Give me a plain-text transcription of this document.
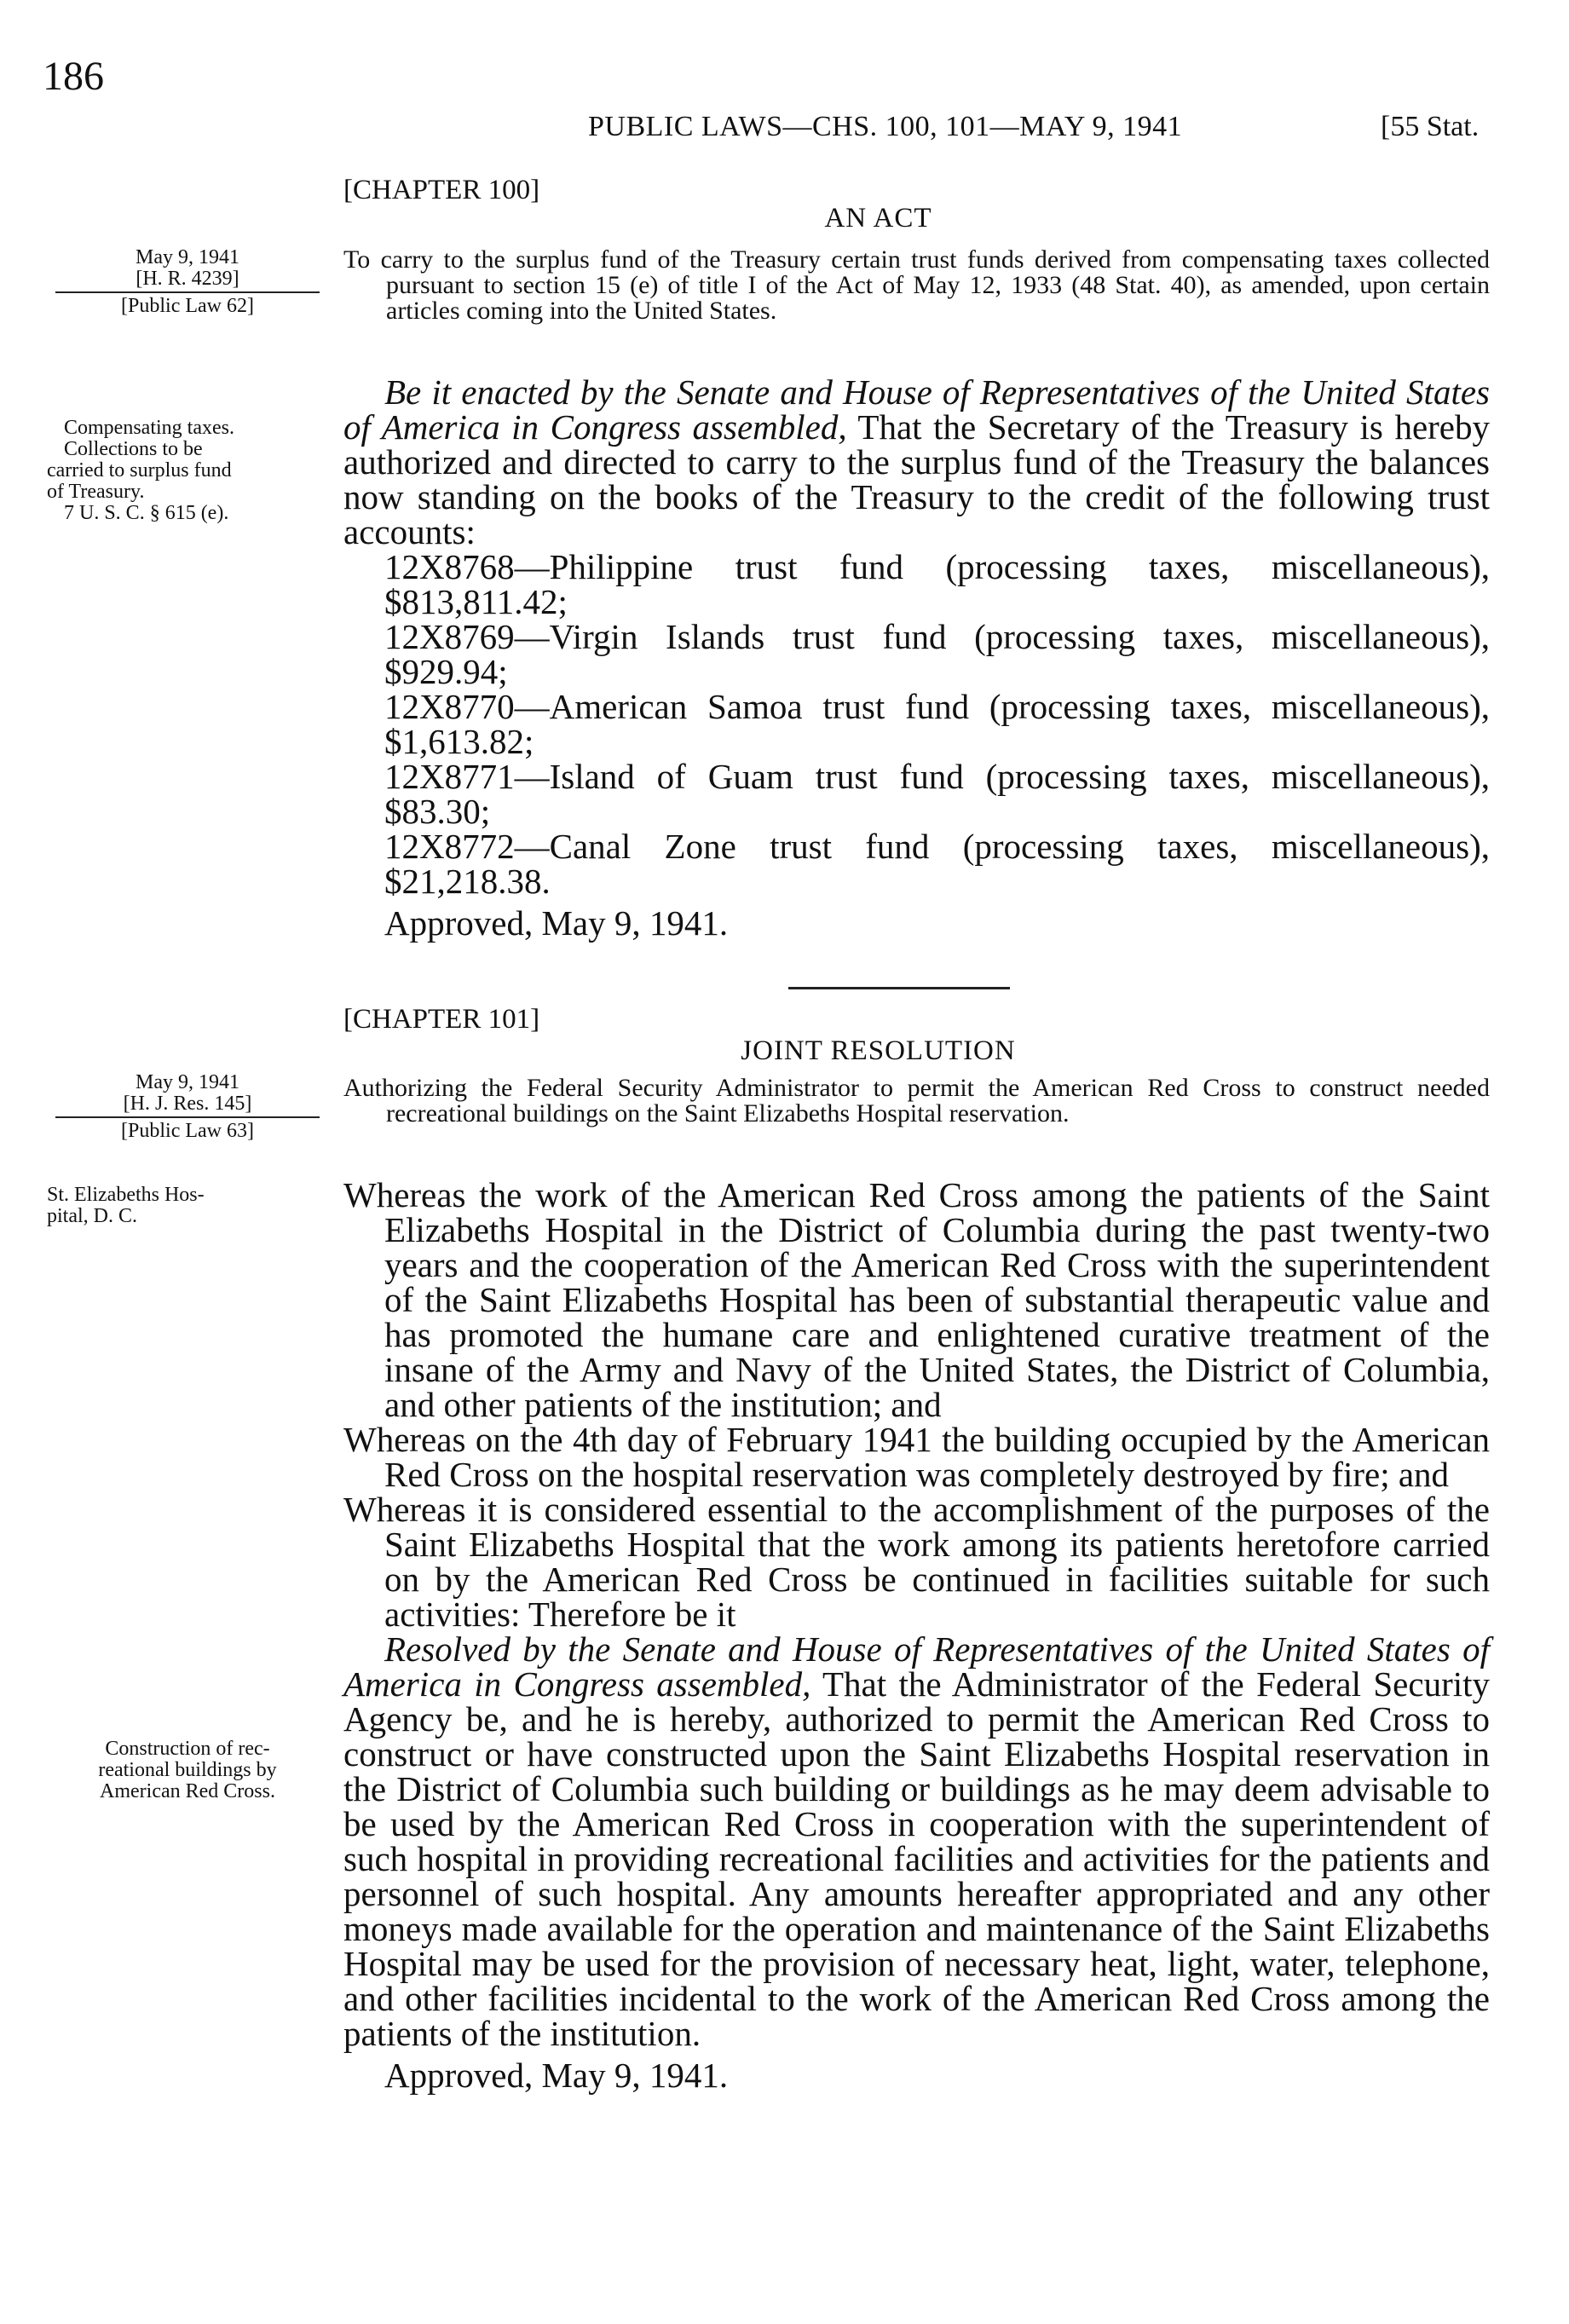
186
PUBLIC LAWS—CHS. 100, 101—MAY 9, 1941	[55 Stat.
[CHAPTER 100]
AN ACT
May 9, 1941
[H. R. 4239]
[Public Law 62]
To carry to the surplus fund of the Treasury certain trust funds derived from compensating taxes collected pursuant to section 15 (e) of title I of the Act of May 12, 1933 (48 Stat. 40), as amended, upon certain articles coming into the United States.
Compensating taxes.
Collections to be
carried to surplus fund
of Treasury.
7 U. S. C. § 615 (e).

Be it enacted by the Senate and House of Representatives of the United States of America in Congress assembled, That the Secretary of the Treasury is hereby authorized and directed to carry to the surplus fund of the Treasury the balances now standing on the books of the Treasury to the credit of the following trust accounts:

12X8768—Philippine trust fund (processing taxes, miscellaneous), $813,811.42;

12X8769—Virgin Islands trust fund (processing taxes, miscellaneous), $929.94;

12X8770—American Samoa trust fund (processing taxes, miscellaneous), $1,613.82;

12X8771—Island of Guam trust fund (processing taxes, miscellaneous), $83.30;

12X8772—Canal Zone trust fund (processing taxes, miscellaneous), $21,218.38.

Approved, May 9, 1941.

[CHAPTER 101]
JOINT RESOLUTION
May 9, 1941
[H. J. Res. 145]
[Public Law 63]
Authorizing the Federal Security Administrator to permit the American Red Cross to construct needed recreational buildings on the Saint Elizabeths Hospital reservation.
St. Elizabeths Hos-
pital, D. C.
Construction of rec-
reational buildings by
American Red Cross.

Whereas the work of the American Red Cross among the patients of the Saint Elizabeths Hospital in the District of Columbia during the past twenty-two years and the cooperation of the American Red Cross with the superintendent of the Saint Elizabeths Hospital has been of substantial therapeutic value and has promoted the humane care and enlightened curative treatment of the insane of the Army and Navy of the United States, the District of Columbia, and other patients of the institution; and

Whereas on the 4th day of February 1941 the building occupied by the American Red Cross on the hospital reservation was completely destroyed by fire; and

Whereas it is considered essential to the accomplishment of the purposes of the Saint Elizabeths Hospital that the work among its patients heretofore carried on by the American Red Cross be continued in facilities suitable for such activities: Therefore be it

Resolved by the Senate and House of Representatives of the United States of America in Congress assembled, That the Administrator of the Federal Security Agency be, and he is hereby, authorized to permit the American Red Cross to construct or have constructed upon the Saint Elizabeths Hospital reservation in the District of Columbia such building or buildings as he may deem advisable to be used by the American Red Cross in cooperation with the superintendent of such hospital in providing recreational facilities and activities for the patients and personnel of such hospital. Any amounts hereafter appropriated and any other moneys made available for the operation and maintenance of the Saint Elizabeths Hospital may be used for the provision of necessary heat, light, water, telephone, and other facilities incidental to the work of the American Red Cross among the patients of the institution.

Approved, May 9, 1941.
